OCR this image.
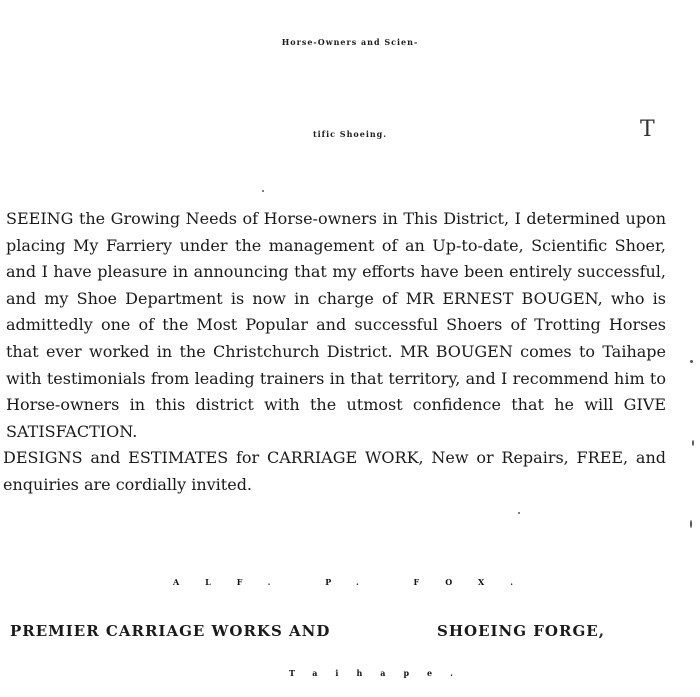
Horse-Owners and Scien-
tific Shoeing.	T

SEEING the Growing Needs of Horse-owners in This District, I determined upon placing My Farriery under the management of an Up-to-date, Scientific Shoer, and I have pleasure in announcing that my efforts have been entirely successful, and my Shoe Department is now in charge of MR ERNEST BOUGEN, who is admittedly one of the Most Popular and successful Shoers of Trotting Horses that ever worked in the Christchurch District. MR BOUGEN comes to Taihape with testimonials from leading trainers in that territory, and I recommend him to Horse-owners in this district with the utmost confidence that he will GIVE SATISFACTION.

DESIGNS and ESTIMATES for CARRIAGE WORK, New or Repairs, FREE, and enquiries are cordially invited.

ALF. P. FOX.
PREMIER CARRIAGE WORKS AND	SHOEING FORGE,
Taihape.
